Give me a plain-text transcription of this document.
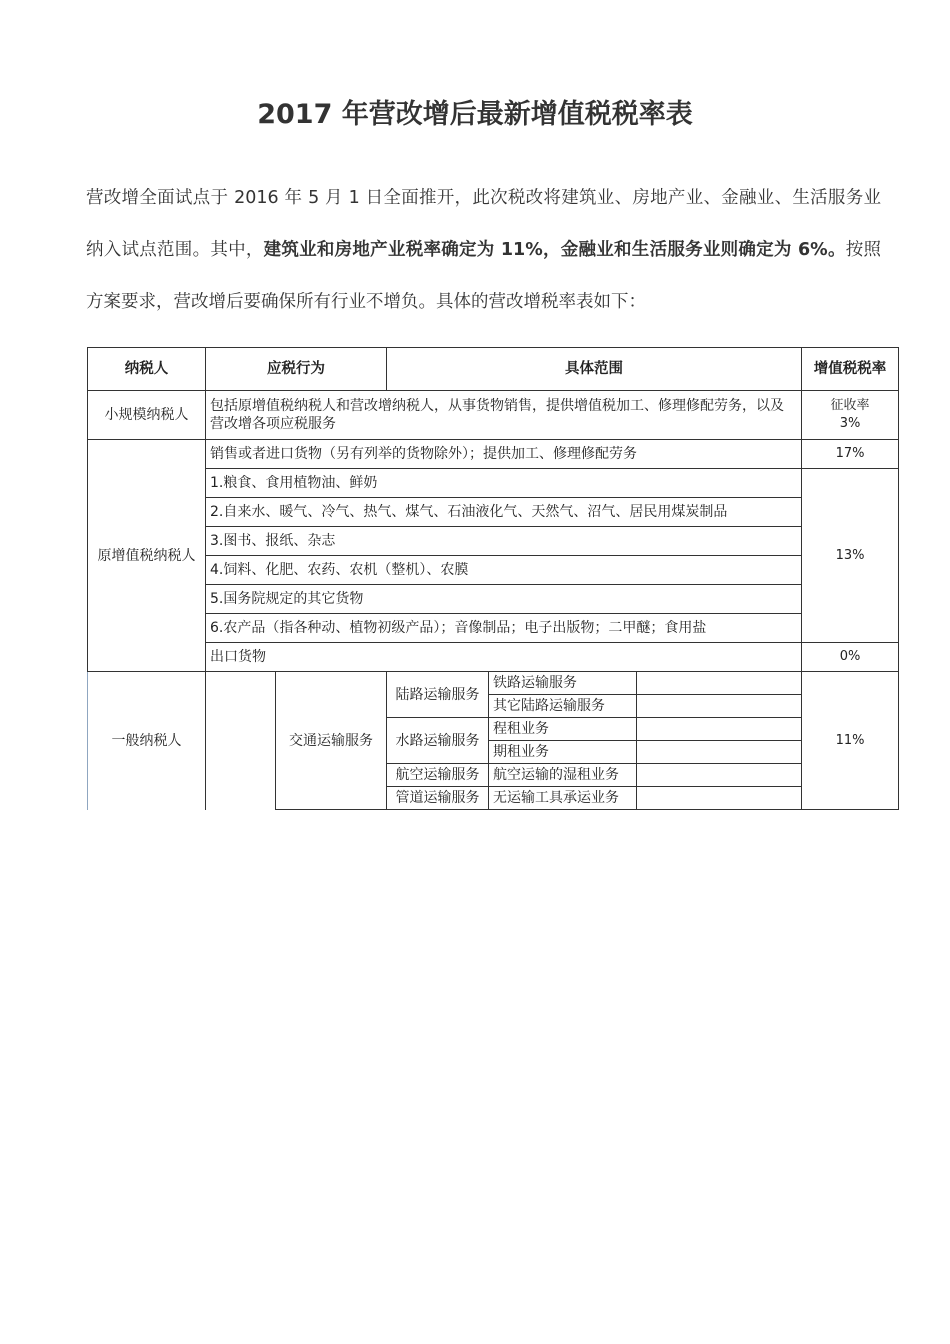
2017 年营改增后最新增值税税率表

营改增全面试点于 2016 年 5 月 1 日全面推开，此次税改将建筑业、房地产业、金融业、生活服务业纳入试点范围。其中，建筑业和房地产业税率确定为 11%，金融业和生活服务业则确定为 6%。按照方案要求，营改增后要确保所有行业不增负。具体的营改增税率表如下：

纳税人	应税行为		具体范围			增值税税率
小规模纳税人	包括原增值税纳税人和营改增纳税人，从事货物销售，提供增值税加工、修理修配劳务，以及营改增各项应税服务					征收率
3%

原增值税纳税人	销售或者进口货物（另有列举的货物除外）；提供加工、修理修配劳务					17%
	1.粮食、食用植物油、鲜奶					13%
	2.自来水、暖气、冷气、热气、煤气、石油液化气、天然气、沼气、居民用煤炭制品					
	3.图书、报纸、杂志					
	4.饲料、化肥、农药、农机（整机）、农膜					
	5.国务院规定的其它货物					
	6.农产品（指各种动、植物初级产品）；音像制品；电子出版物；二甲醚；食用盐					
	出口货物					0%
一般纳税人		交通运输服务	陆路运输服务	铁路运输服务		11%
				其它陆路运输服务		
			水路运输服务	程租业务		
				期租业务		
			航空运输服务	航空运输的湿租业务		
			管道运输服务	无运输工具承运业务		
